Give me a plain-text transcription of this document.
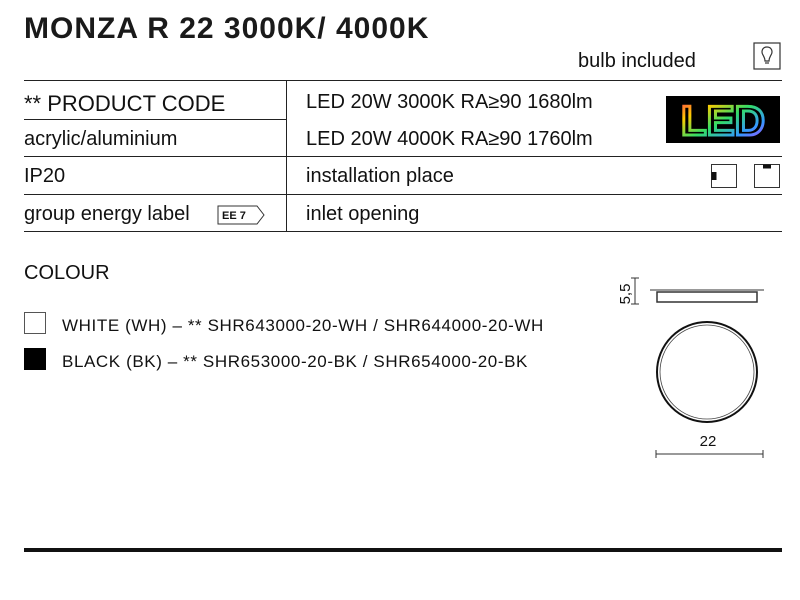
MONZA R 22 3000K/ 4000K
bulb included
** PRODUCT CODE
acrylic/aluminium
IP20
group energy label	EE 7
LED 20W 3000K RA≥90 1680lm
LED 20W 4000K RA≥90 1760lm
installation place
inlet opening
LED
COLOUR
WHITE (WH) – ** SHR643000-20-WH / SHR644000-20-WH
BLACK (BK) – ** SHR653000-20-BK / SHR654000-20-BK
5,5
22
